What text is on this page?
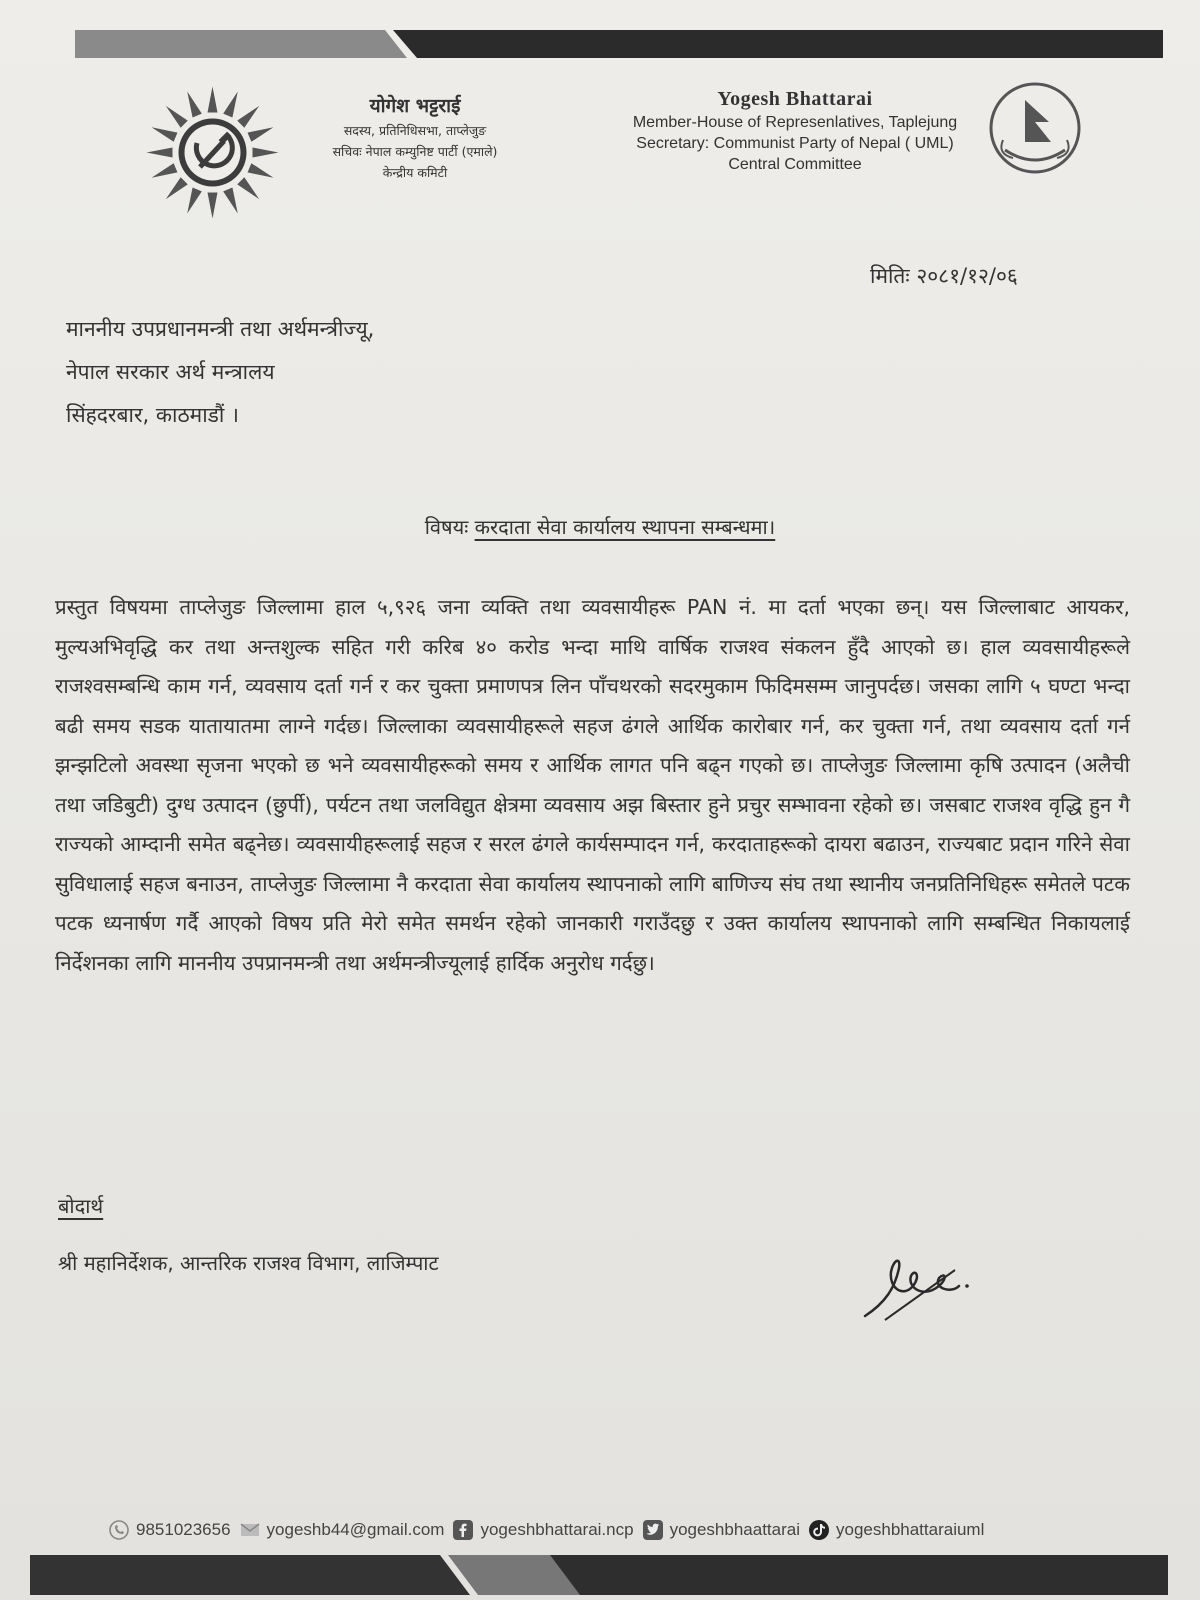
योगेश भट्टराई
सदस्य, प्रतिनिधिसभा, ताप्लेजुङ
सचिवः नेपाल कम्युनिष्ट पार्टी (एमाले)
केन्द्रीय कमिटी
Yogesh Bhattarai
Member-House of Represenlatives, Taplejung
Secretary: Communist Party of Nepal ( UML)
Central Committee
मितिः २०८१/१२/०६
माननीय उपप्रधानमन्त्री तथा अर्थमन्त्रीज्यू,
नेपाल सरकार अर्थ मन्त्रालय
सिंहदरबार, काठमाडौं ।
विषयः करदाता सेवा कार्यालय स्थापना सम्बन्धमा।
प्रस्तुत विषयमा ताप्लेजुङ जिल्लामा हाल ५,९२६ जना व्यक्ति तथा व्यवसायीहरू PAN नं. मा दर्ता भएका छन्। यस जिल्लाबाट आयकर, मुल्यअभिवृद्धि कर तथा अन्तशुल्क सहित गरी करिब ४० करोड भन्दा माथि वार्षिक राजश्व संकलन हुँदै आएको छ। हाल व्यवसायीहरूले राजश्वसम्बन्धि काम गर्न, व्यवसाय दर्ता गर्न र कर चुक्ता प्रमाणपत्र लिन पाँचथरको सदरमुकाम फिदिमसम्म जानुपर्दछ। जसका लागि ५ घण्टा भन्दा बढी समय सडक यातायातमा लाग्ने गर्दछ। जिल्लाका व्यवसायीहरूले सहज ढंगले आर्थिक कारोबार गर्न, कर चुक्ता गर्न, तथा व्यवसाय दर्ता गर्न झन्झटिलो अवस्था सृजना भएको छ भने व्यवसायीहरूको समय र आर्थिक लागत पनि बढ्न गएको छ। ताप्लेजुङ जिल्लामा कृषि उत्पादन (अलैची तथा जडिबुटी) दुग्ध उत्पादन (छुर्पी), पर्यटन तथा जलविद्युत क्षेत्रमा व्यवसाय अझ बिस्तार हुने प्रचुर सम्भावना रहेको छ। जसबाट राजश्व वृद्धि हुन गै राज्यको आम्दानी समेत बढ्नेछ। व्यवसायीहरूलाई सहज र सरल ढंगले कार्यसम्पादन गर्न, करदाताहरूको दायरा बढाउन, राज्यबाट प्रदान गरिने सेवा सुविधालाई सहज बनाउन, ताप्लेजुङ जिल्लामा नै करदाता सेवा कार्यालय स्थापनाको लागि बाणिज्य संघ तथा स्थानीय जनप्रतिनिधिहरू समेतले पटक पटक ध्यनार्षण गर्दै आएको विषय प्रति मेरो समेत समर्थन रहेको जानकारी गराउँदछु र उक्त कार्यालय स्थापनाको लागि सम्बन्धित निकायलाई निर्देशनका लागि माननीय उपप्रानमन्त्री तथा अर्थमन्त्रीज्यूलाई हार्दिक अनुरोध गर्दछु।
बोदार्थ
श्री महानिर्देशक, आन्तरिक राजश्व विभाग, लाजिम्पाट
9851023656 yogeshb44@gmail.com yogeshbhattarai.ncp yogeshbhaattarai yogeshbhattaraiuml
